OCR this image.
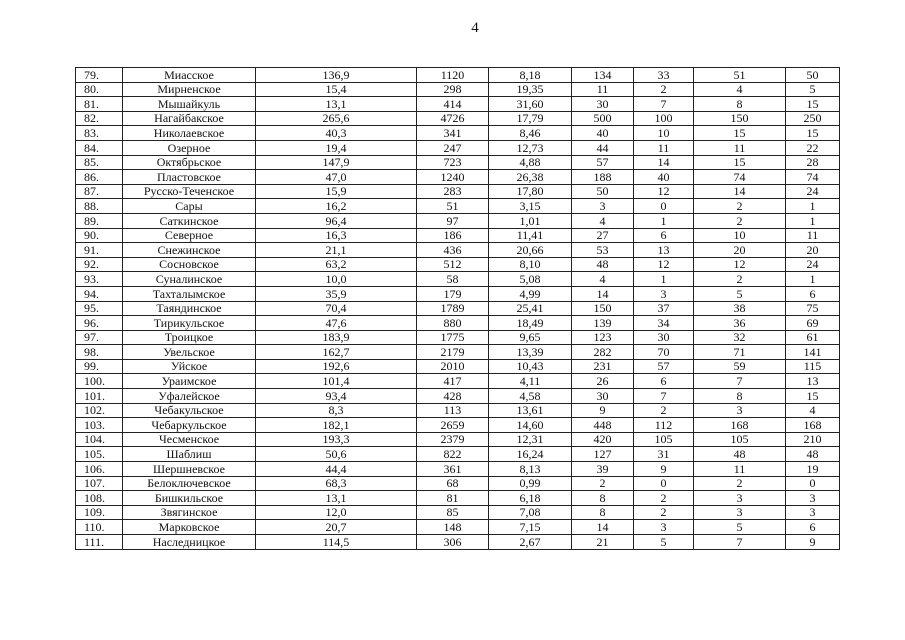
4
79.	Миасское	136,9	1120	8,18	134	33	51	50
80.	Мирненское	15,4	298	19,35	11	2	4	5
81.	Мышайкуль	13,1	414	31,60	30	7	8	15
82.	Нагайбакское	265,6	4726	17,79	500	100	150	250
83.	Николаевское	40,3	341	8,46	40	10	15	15
84.	Озерное	19,4	247	12,73	44	11	11	22
85.	Октябрьское	147,9	723	4,88	57	14	15	28
86.	Пластовское	47,0	1240	26,38	188	40	74	74
87.	Русско-Теченское	15,9	283	17,80	50	12	14	24
88.	Сары	16,2	51	3,15	3	0	2	1
89.	Саткинское	96,4	97	1,01	4	1	2	1
90.	Северное	16,3	186	11,41	27	6	10	11
91.	Снежинское	21,1	436	20,66	53	13	20	20
92.	Сосновское	63,2	512	8,10	48	12	12	24
93.	Суналинское	10,0	58	5,08	4	1	2	1
94.	Тахталымское	35,9	179	4,99	14	3	5	6
95.	Таяндинское	70,4	1789	25,41	150	37	38	75
96.	Тирикульское	47,6	880	18,49	139	34	36	69
97.	Троицкое	183,9	1775	9,65	123	30	32	61
98.	Увельское	162,7	2179	13,39	282	70	71	141
99.	Уйское	192,6	2010	10,43	231	57	59	115
100.	Ураимское	101,4	417	4,11	26	6	7	13
101.	Уфалейское	93,4	428	4,58	30	7	8	15
102.	Чебакульское	8,3	113	13,61	9	2	3	4
103.	Чебаркульское	182,1	2659	14,60	448	112	168	168
104.	Чесменское	193,3	2379	12,31	420	105	105	210
105.	Шаблиш	50,6	822	16,24	127	31	48	48
106.	Шершневское	44,4	361	8,13	39	9	11	19
107.	Белоключевское	68,3	68	0,99	2	0	2	0
108.	Бишкильское	13,1	81	6,18	8	2	3	3
109.	Звягинское	12,0	85	7,08	8	2	3	3
110.	Марковское	20,7	148	7,15	14	3	5	6
111.	Наследницкое	114,5	306	2,67	21	5	7	9
